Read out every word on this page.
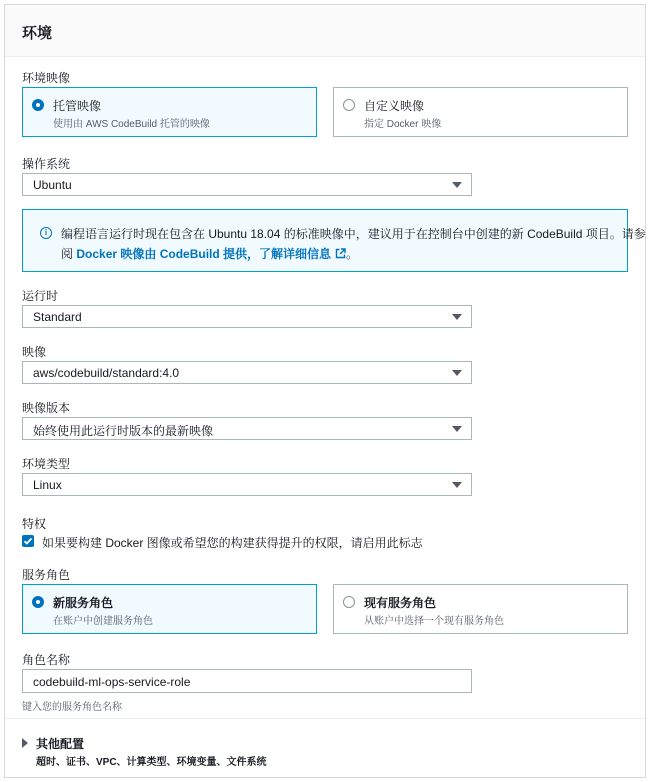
环境
环境映像
托管映像
使用由 AWS CodeBuild 托管的映像
自定义映像
指定 Docker 映像
操作系统
Ubuntu
i	编程语言运行时现在包含在 Ubuntu 18.04 的标准映像中，建议用于在控制台中创建的新 CodeBuild 项目。请参
阅 Docker 映像由 CodeBuild 提供，了解详细信息 。
运行时
Standard
映像
aws/codebuild/standard:4.0
映像版本
始终使用此运行时版本的最新映像
环境类型
Linux
特权
如果要构建 Docker 图像或希望您的构建获得提升的权限，请启用此标志
服务角色
新服务角色
在账户中创建服务角色
现有服务角色
从账户中选择一个现有服务角色
角色名称
codebuild-ml-ops-service-role
键入您的服务角色名称
其他配置
超时、证书、VPC、计算类型、环境变量、文件系统
